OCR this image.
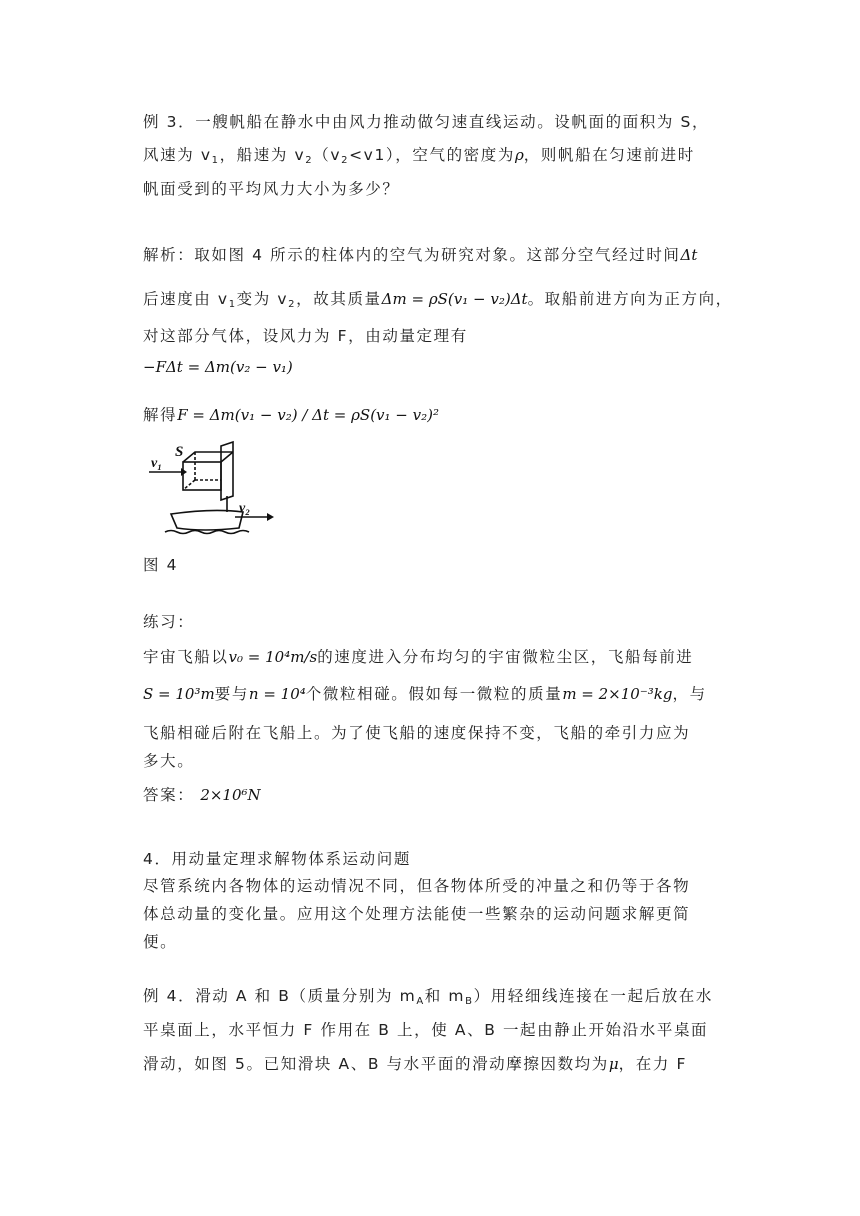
例 3．一艘帆船在静水中由风力推动做匀速直线运动。设帆面的面积为 S，
风速为 $v_1$，船速为 $v_2(v_2<v1)$，空气的密度为ρ，则帆船在匀速前进时
帆面受到的平均风力大小为多少？
解析：取如图 4 所示的柱体内的空气为研究对象。这部分空气经过时间Δt
后速度由 $v_1$变为 $v_2$，故其质量Δm = ρS(v₁ − v₂)Δt。取船前进方向为正方向，
对这部分气体，设风力为 F，由动量定理有
−FΔt = Δm(v₂ − v₁)
解得F = Δm(v₁ − v₂) / Δt = ρS(v₁ − v₂)²
v₁
S
v₂
图 4
练习：
宇宙飞船以v₀ = 10⁴m/s的速度进入分布均匀的宇宙微粒尘区，飞船每前进
S = 10³m要与n = 10⁴个微粒相碰。假如每一微粒的质量m = 2×10⁻³kg，与
飞船相碰后附在飞船上。为了使飞船的速度保持不变，飞船的牵引力应为
多大。
答案： 2×10⁶N
4．用动量定理求解物体系运动问题
尽管系统内各物体的运动情况不同，但各物体所受的冲量之和仍等于各物
体总动量的变化量。应用这个处理方法能使一些繁杂的运动问题求解更简
便。
例 4．滑动 A 和 B（质量分别为 $m_A$和 $m_B$）用轻细线连接在一起后放在水
平桌面上，水平恒力 F 作用在 B 上，使 A、B 一起由静止开始沿水平桌面
滑动，如图 5。已知滑块 A、B 与水平面的滑动摩擦因数均为μ，在力 F
